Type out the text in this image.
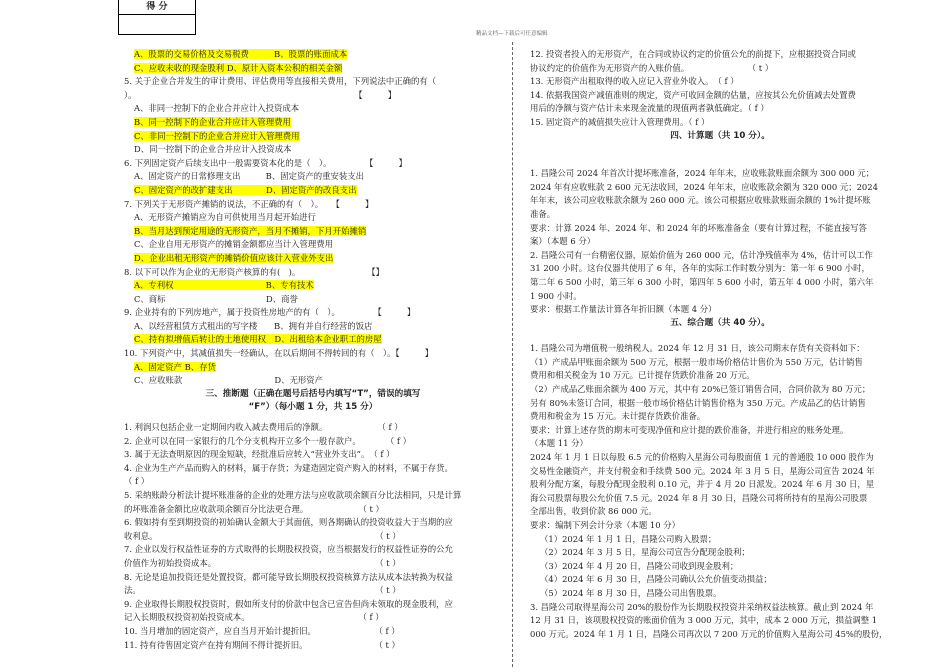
得 分
精品文档—下载后可任意编辑
A、股票的交易价格及交易税费　　　B、股票的账面成本
C、应收未收的现金股利 D、原计入资本公积的相关金额
5. 关于企业合并发生的审计费用、评估费用等直接相关费用，下列说法中正确的有（
）。　　　　　　　　　　　　　　　　　　　　　　　　　　　【　　　】
A、非同一控制下的企业合并应计入投资成本
B、同一控制下的企业合并应计入管理费用
C、非同一控制下的企业合并应计入管理费用
D、同一控制下的企业合并应计入投资成本
6. 下列固定资产后续支出中一般需要资本化的是（　）。　　　　　【　　　】
A、固定资产的日常修理支出　　　B、固定资产的重安装支出
C、固定资产的改扩建支出　　　　D、固定资产的改良支出
7. 下列关于无形资产摊销的说法，不正确的有（　）。　　【　　　】
A、无形资产摊销应为自可供使用当月起开始进行
B、当月达到预定用途的无形资产，当月不摊销，下月开始摊销
C、企业自用无形资产的摊销金额都应当计入管理费用
D、企业出租无形资产的摊销价值应该计入营业外支出
8. 以下可以作为企业的无形资产核算的有(　)。　　　　　　　　　【】
A、专利权　　　　　　　　　　　B、专有技术
C、商标　　　　　　　　　　　　D、商誉
9. 企业持有的下列房地产，属于投资性房地产的有（　）。　　　　　【　　　】
A、以经营租赁方式租出的写字楼　　B、拥有并自行经营的饭店
C、持有拟增值后转让的土地使用权　D、出租给本企业职工的房屋
10. 下列资产中，其减值损失一经确认，在以后期间不得转回的有（　）。【　　　】
A、固定资产 B、存货
C、应收账款　　　　　　　　　　　D、无形资产
三、推断题（正确在题号后括号内填写“T”，错误的填写
“F”）（每小题 1 分，共 15 分）
1. 利润只包括企业一定期间内收入减去费用后的净额。　　　　　　　（ f ）
2. 企业可以在同一家银行的几个分支机构开立多个一般存款户。　　　　（ f ）
3. 属于无法查明原因的现金短缺，经批准后应转入“营业外支出”。　（ f ）
4. 企业为生产产品而购入的材料，属于存货；为建造固定资产购入的材料，不属于存货。
（ f ）
5. 采纳账龄分析法计提坏账准备的企业的处理方法与应收款项余额百分比法相同，只是计算
的坏账准备金额比应收款项余额百分比法更合理。　　　　　　　（ t ）
6. 假如持有至到期投资的初始确认金额大于其面值，则各期确认的投资收益大于当期的应
收利息。　　　　　　　　　　　　　　　　　　　　　　　　　　　（ t ）
7. 企业以发行权益性证券的方式取得的长期股权投资，应当根据发行的权益性证券的公允
价值作为初始投资成本。　　　　　　　　　　　　　　　　　　　　（ t ）
8. 无论是追加投资还是处置投资，都可能导致长期股权投资核算方法从成本法转换为权益
法。　　　　　　　　　　　　　　　　　　　　　　　　　　　　　（ t ）
9. 企业取得长期股权投资时，假如所支付的价款中包含已宣告但尚未领取的现金股利，应
记入长期股权投资初始投资成本。　　　　　　　　　　　　　　（ f ）
10. 当月增加的固定资产，应自当月开始计提折旧。　　　　　　　　（ f ）
11. 持有待售固定资产在持有期间不得计提折旧。　　　　　　　　　（ t ）
12. 投资者投入的无形资产，在合同或协议约定的价值公允的前提下，应根据投资合同或
协议约定的价值作为无形资产的入账价值。　　　　　　　　（ t ）
13. 无形资产出租取得的收入应记入营业外收入。　（ f ）
14. 依据我国资产减值准则的规定，资产可收回金额的估量，应按其公允价值减去处置费
用后的净额与资产估计未来现金流量的现值两者孰低确定。（ f ）
15. 固定资产的减值损失应计入管理费用。（ f ）
四、计算题（共 10 分）。
1. 昌隆公司 2024 年首次计提坏账准备，2024 年年末，应收账款账面余额为 300 000 元；
2024 年有应收账款 2 600 元无法收回，2024 年年末，应收账款余额为 320 000 元；2024
年年末，该公司应收账款余额为 260 000 元。该公司根据应收账款账面余额的 1%计提坏账
准备。
要求：计算 2024 年、2024 年、和 2024 年的坏账准备金（要有计算过程，不能直接写答
案）（本题 6 分）
2. 昌隆公司有一台精密仪器，原始价值为 260 000 元，估计净残值率为 4%，估计可以工作
31 200 小时。这台仪器共使用了 6 年，各年的实际工作时数分别为：第一年 6 900 小时，
第二年 6 500 小时，第三年 6 300 小时，第四年 5 600 小时，第五年 4 000 小时，第六年
1 900 小时。
要求：根据工作量法计算各年折旧额（本题 4 分）
五、综合题（共 40 分）。
1. 昌隆公司为增值税一般纳税人。2024 年 12 月 31 日，该公司期末存货有关资料如下：
（1）产成品甲账面余额为 500 万元，根据一般市场价格估计售价为 550 万元，估计销售
费用和相关税金为 10 万元。已计提存货跌价准备 20 万元。
（2）产成品乙账面余额为 400 万元，其中有 20%已签订销售合同，合同价款为 80 万元；
另有 80%未签订合同，根据一般市场价格估计销售价格为 350 万元。产成品乙的估计销售
费用和税金为 15 万元。未计提存货跌价准备。
要求：计算上述存货的期末可变现净值和应计提的跌价准备，并进行相应的账务处理。
（本题 11 分）
2024 年 1 月 1 日以每股 6.5 元的价格购入星海公司每股面值 1 元的普通股 10 000 股作为
交易性金融资产，并支付税金和手续费 500 元。2024 年 3 月 5 日，星海公司宣告 2024 年
股利分配方案，每股分配现金股利 0.10 元，并于 4 月 20 日派发。2024 年 6 月 30 日，星
海公司股票每股公允价值 7.5 元。2024 年 8 月 30 日，昌隆公司将所持有的星海公司股票
全部出售，收到价款 86 000 元。
要求：编制下列会计分录（本题 10 分）
（1）2024 年 1 月 1 日，昌隆公司购入股票；
（2）2024 年 3 月 5 日，星海公司宣告分配现金股利；
（3）2024 年 4 月 20 日，昌隆公司收到现金股利；
（4）2024 年 6 月 30 日，昌隆公司确认公允价值变动损益；
（5）2024 年 8 月 30 日，昌隆公司出售股票。
3. 昌隆公司取得星海公司 20%的股份作为长期股权投资并采纳权益法核算。截止到 2024 年
12 月 31 日，该项股权投资的账面价值为 3 000 万元，其中，成本 2 000 万元，损益调整 1
000 万元。2024 年 1 月 1 日，昌隆公司再次以 7 200 万元的价值购入星海公司 45%的股份，
